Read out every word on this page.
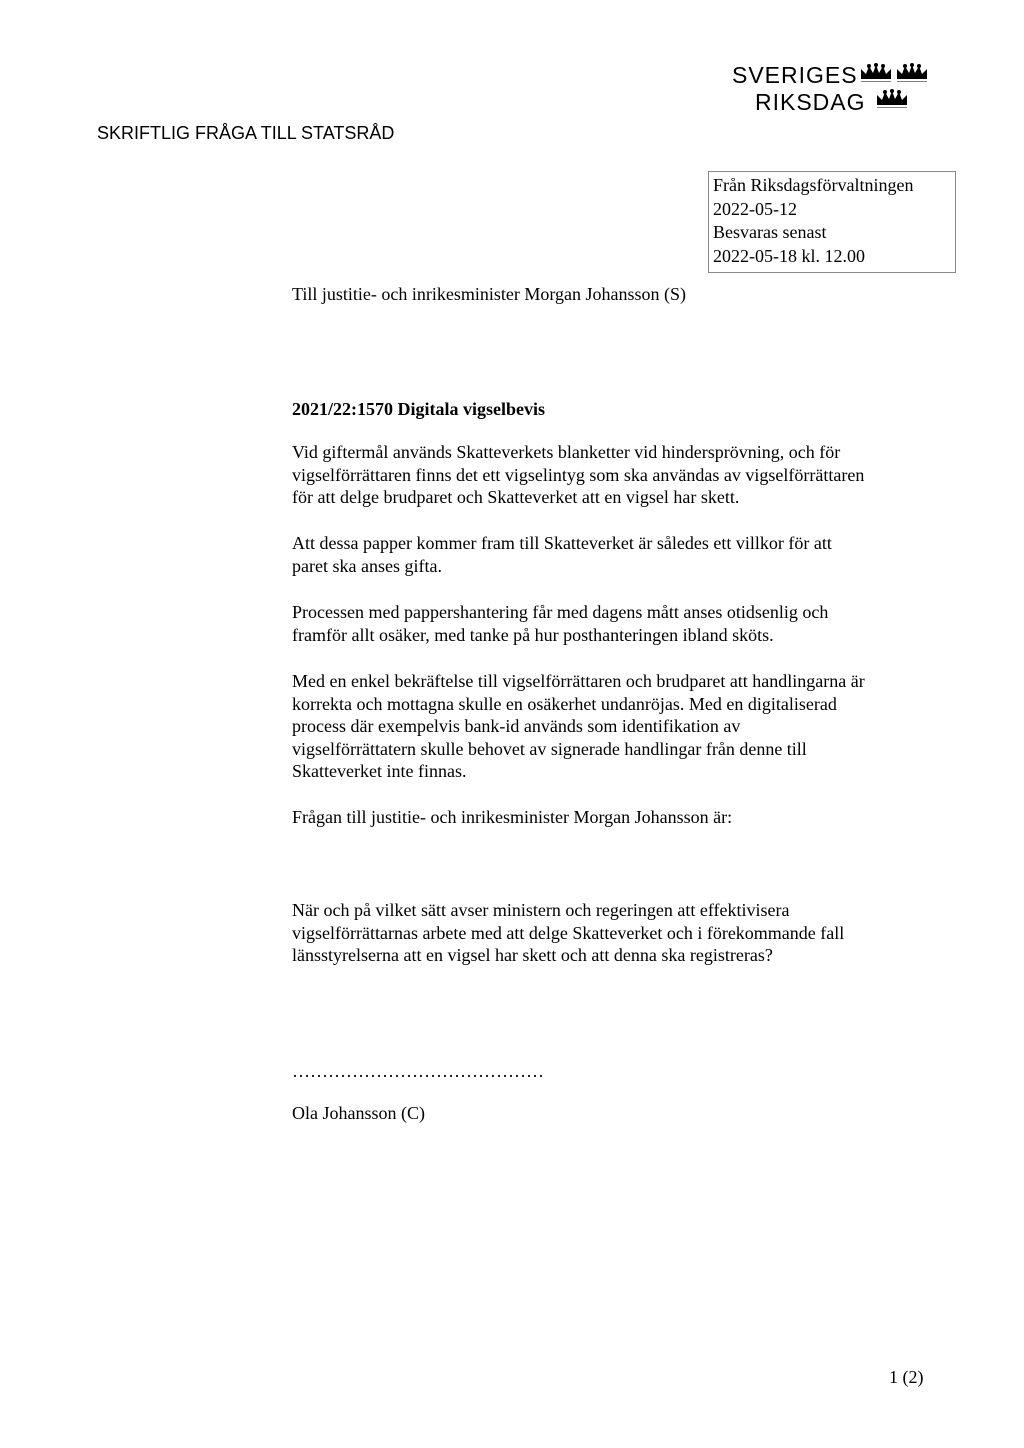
SVERIGES
RIKSDAG
SKRIFTLIG FRÅGA TILL STATSRÅD
Från Riksdagsförvaltningen
2022-05-12
Besvaras senast
2022-05-18 kl. 12.00
Till justitie- och inrikesminister Morgan Johansson (S)
2021/22:1570 Digitala vigselbevis
Vid giftermål används Skatteverkets blanketter vid hindersprövning, och för
vigselförrättaren finns det ett vigselintyg som ska användas av vigselförrättaren
för att delge brudparet och Skatteverket att en vigsel har skett.
Att dessa papper kommer fram till Skatteverket är således ett villkor för att
paret ska anses gifta.
Processen med pappershantering får med dagens mått anses otidsenlig och
framför allt osäker, med tanke på hur posthanteringen ibland sköts.
Med en enkel bekräftelse till vigselförrättaren och brudparet att handlingarna är
korrekta och mottagna skulle en osäkerhet undanröjas. Med en digitaliserad
process där exempelvis bank-id används som identifikation av
vigselförrättatern skulle behovet av signerade handlingar från denne till
Skatteverket inte finnas.
Frågan till justitie- och inrikesminister Morgan Johansson är:
När och på vilket sätt avser ministern och regeringen att effektivisera
vigselförrättarnas arbete med att delge Skatteverket och i förekommande fall
länsstyrelserna att en vigsel har skett och att denna ska registreras?
……………………………………
Ola Johansson (C)
1 (2)
